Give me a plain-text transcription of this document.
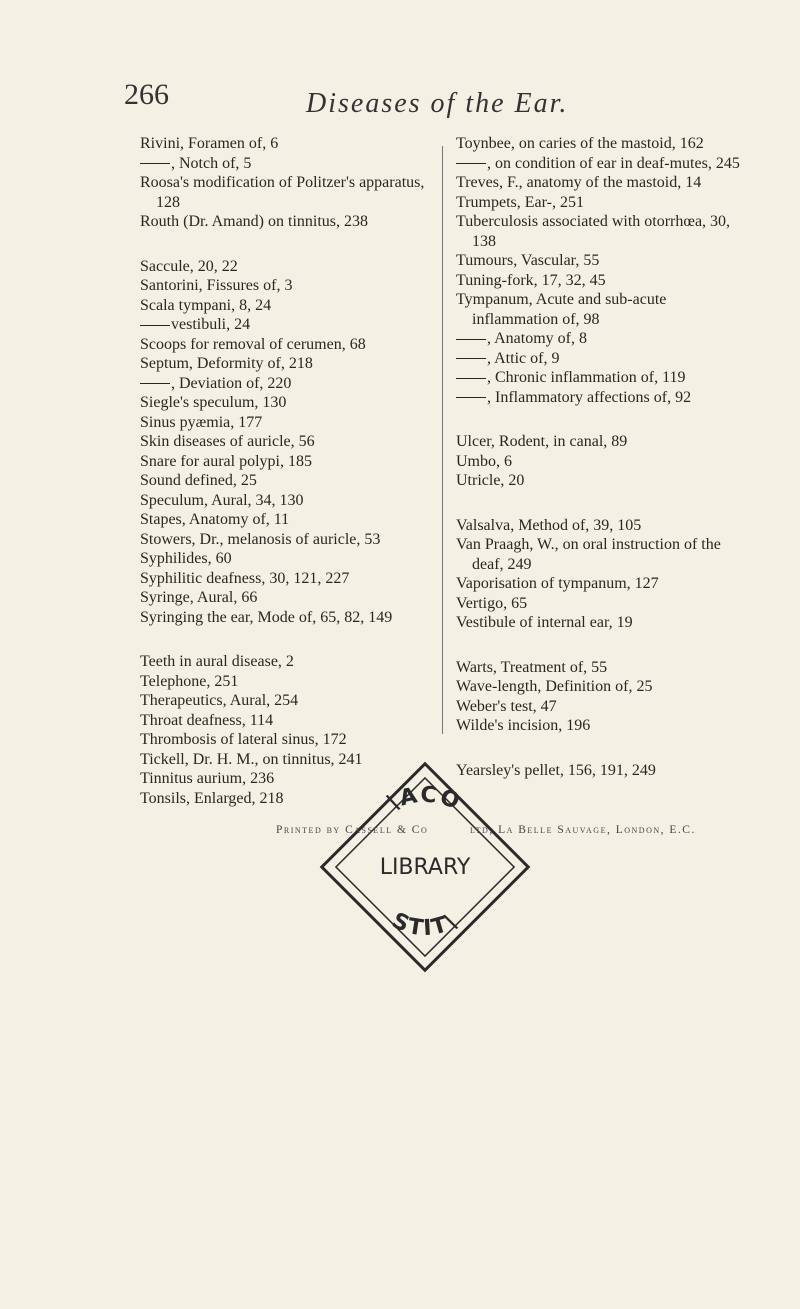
266	Diseases of the Ear.
Rivini, Foramen of, 6
, Notch of, 5
Roosa's modification of Politzer's apparatus, 128
Routh (Dr. Amand) on tinnitus, 238
Saccule, 20, 22
Santorini, Fissures of, 3
Scala tympani, 8, 24
vestibuli, 24
Scoops for removal of cerumen, 68
Septum, Deformity of, 218
, Deviation of, 220
Siegle's speculum, 130
Sinus pyæmia, 177
Skin diseases of auricle, 56
Snare for aural polypi, 185
Sound defined, 25
Speculum, Aural, 34, 130
Stapes, Anatomy of, 11
Stowers, Dr., melanosis of auricle, 53
Syphilides, 60
Syphilitic deafness, 30, 121, 227
Syringe, Aural, 66
Syringing the ear, Mode of, 65, 82, 149
Teeth in aural disease, 2
Telephone, 251
Therapeutics, Aural, 254
Throat deafness, 114
Thrombosis of lateral sinus, 172
Tickell, Dr. H. M., on tinnitus, 241
Tinnitus aurium, 236
Tonsils, Enlarged, 218
Toynbee, on caries of the mastoid, 162
, on condition of ear in deaf-mutes, 245
Treves, F., anatomy of the mastoid, 14
Trumpets, Ear-, 251
Tuberculosis associated with otorrhœa, 30, 138
Tumours, Vascular, 55
Tuning-fork, 17, 32, 45
Tympanum, Acute and sub-acute inflammation of, 98
, Anatomy of, 8
, Attic of, 9
, Chronic inflammation of, 119
, Inflammatory affections of, 92
Ulcer, Rodent, in canal, 89
Umbo, 6
Utricle, 20
Valsalva, Method of, 39, 105
Van Praagh, W., on oral instruction of the deaf, 249
Vaporisation of tympanum, 127
Vertigo, 65
Vestibule of internal ear, 19
Warts, Treatment of, 55
Wave-length, Definition of, 25
Weber's test, 47
Wilde's incision, 196
Yearsley's pellet, 156, 191, 249
\ACO
STIT\
LIBRARY
Printed by Cassell & Co	ltd, La Belle Sauvage, London, E.C.
